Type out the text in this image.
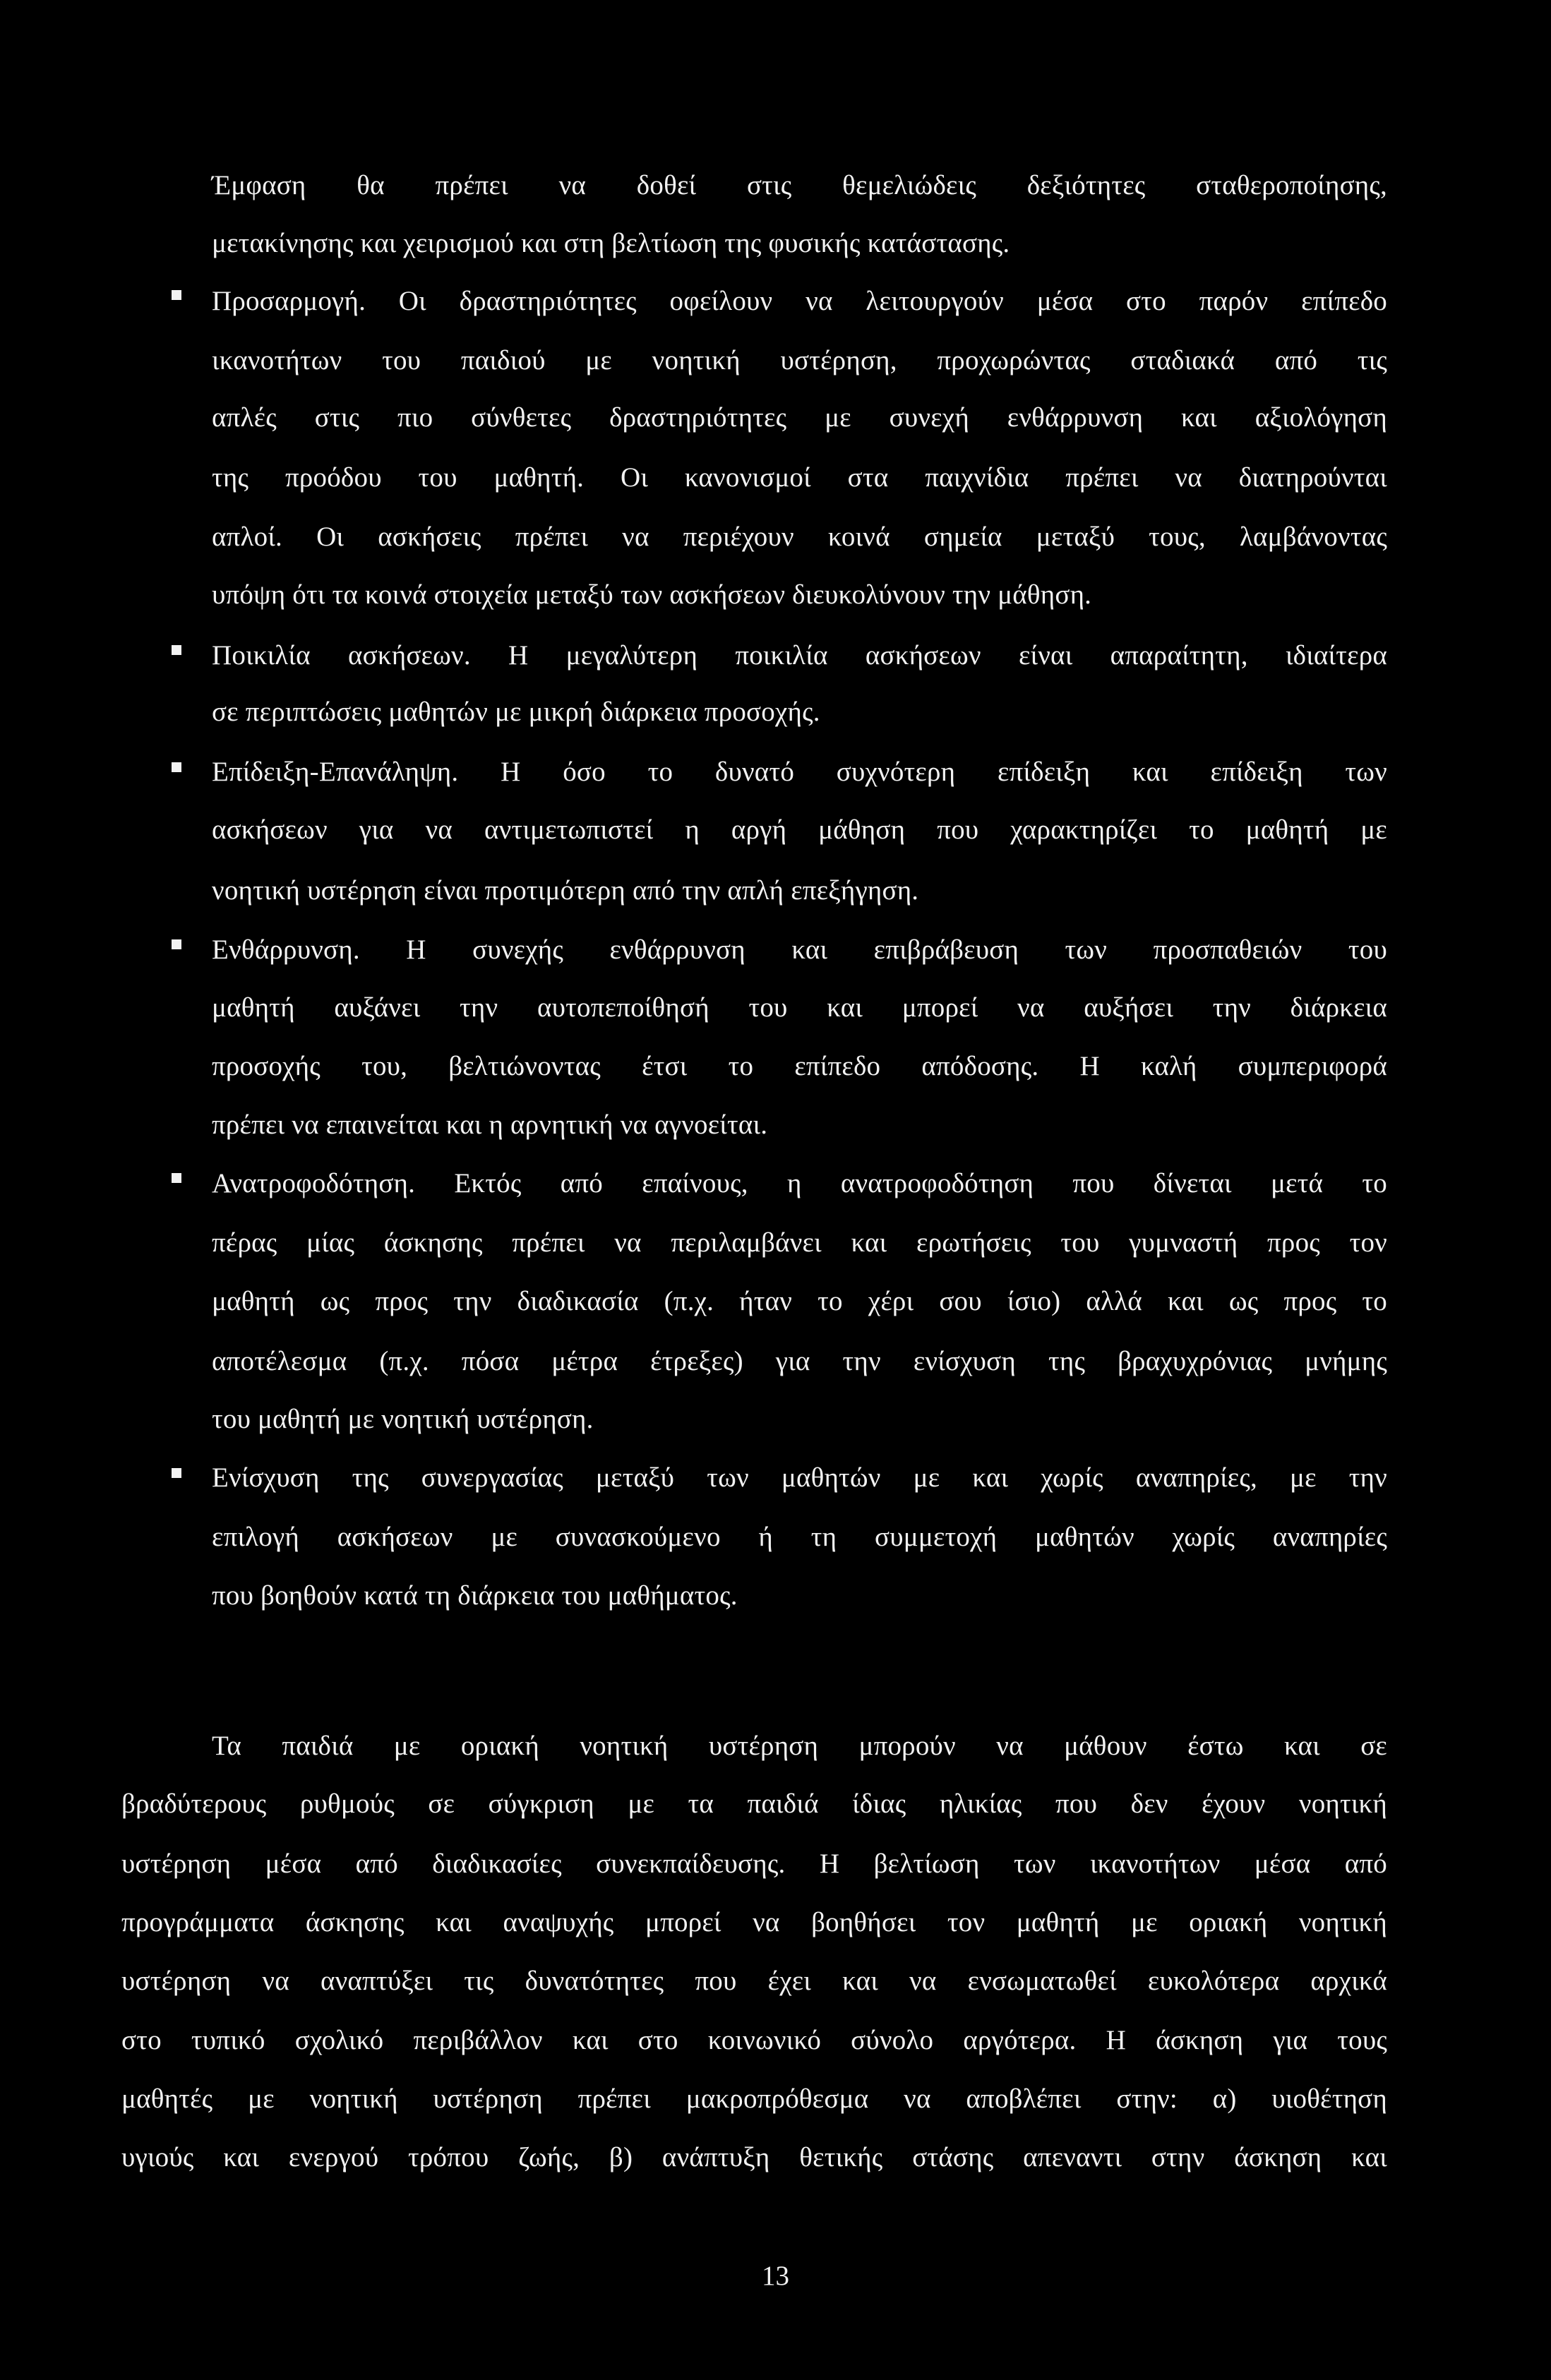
Έμφαση θα πρέπει να δοθεί στις θεμελιώδεις δεξιότητες σταθεροποίησης,
μετακίνησης και χειρισμού και στη βελτίωση της φυσικής κατάστασης.
Προσαρμογή. Οι δραστηριότητες οφείλουν να λειτουργούν μέσα στο παρόν επίπεδο
ικανοτήτων του παιδιού με νοητική υστέρηση, προχωρώντας σταδιακά από τις
απλές στις πιο σύνθετες δραστηριότητες με συνεχή ενθάρρυνση και αξιολόγηση
της προόδου του μαθητή. Οι κανονισμοί στα παιχνίδια πρέπει να διατηρούνται
απλοί. Οι ασκήσεις πρέπει να περιέχουν κοινά σημεία μεταξύ τους, λαμβάνοντας
υπόψη ότι τα κοινά στοιχεία μεταξύ των ασκήσεων διευκολύνουν την μάθηση.
Ποικιλία ασκήσεων. Η μεγαλύτερη ποικιλία ασκήσεων είναι απαραίτητη, ιδιαίτερα
σε περιπτώσεις μαθητών με μικρή διάρκεια προσοχής.
Επίδειξη-Επανάληψη. Η όσο το δυνατό συχνότερη επίδειξη και επίδειξη των
ασκήσεων για να αντιμετωπιστεί η αργή μάθηση που χαρακτηρίζει το μαθητή με
νοητική υστέρηση είναι προτιμότερη από την απλή επεξήγηση.
Ενθάρρυνση. Η συνεχής ενθάρρυνση και επιβράβευση των προσπαθειών του
μαθητή αυξάνει την αυτοπεποίθησή του και μπορεί να αυξήσει την διάρκεια
προσοχής του, βελτιώνοντας έτσι το επίπεδο απόδοσης. Η καλή συμπεριφορά
πρέπει να επαινείται και η αρνητική να αγνοείται.
Ανατροφοδότηση. Εκτός από επαίνους, η ανατροφοδότηση που δίνεται μετά το
πέρας μίας άσκησης πρέπει να περιλαμβάνει και ερωτήσεις του γυμναστή προς τον
μαθητή ως προς την διαδικασία (π.χ. ήταν το χέρι σου ίσιο) αλλά και ως προς το
αποτέλεσμα (π.χ. πόσα μέτρα έτρεξες) για την ενίσχυση της βραχυχρόνιας μνήμης
του μαθητή με νοητική υστέρηση.
Ενίσχυση της συνεργασίας μεταξύ των μαθητών με και χωρίς αναπηρίες, με την
επιλογή ασκήσεων με συνασκούμενο ή τη συμμετοχή μαθητών χωρίς αναπηρίες
που βοηθούν κατά τη διάρκεια του μαθήματος.
Τα παιδιά με οριακή νοητική υστέρηση μπορούν να μάθουν έστω και σε
βραδύτερους ρυθμούς σε σύγκριση με τα παιδιά ίδιας ηλικίας που δεν έχουν νοητική
υστέρηση μέσα από διαδικασίες συνεκπαίδευσης. Η βελτίωση των ικανοτήτων μέσα από
προγράμματα άσκησης και αναψυχής μπορεί να βοηθήσει τον μαθητή με οριακή νοητική
υστέρηση να αναπτύξει τις δυνατότητες που έχει και να ενσωματωθεί ευκολότερα αρχικά
στο τυπικό σχολικό περιβάλλον και στο κοινωνικό σύνολο αργότερα. Η άσκηση για τους
μαθητές με νοητική υστέρηση πρέπει μακροπρόθεσμα να αποβλέπει στην: α) υιοθέτηση
υγιούς και ενεργού τρόπου ζωής, β) ανάπτυξη θετικής στάσης απεναντι στην άσκηση και
13
